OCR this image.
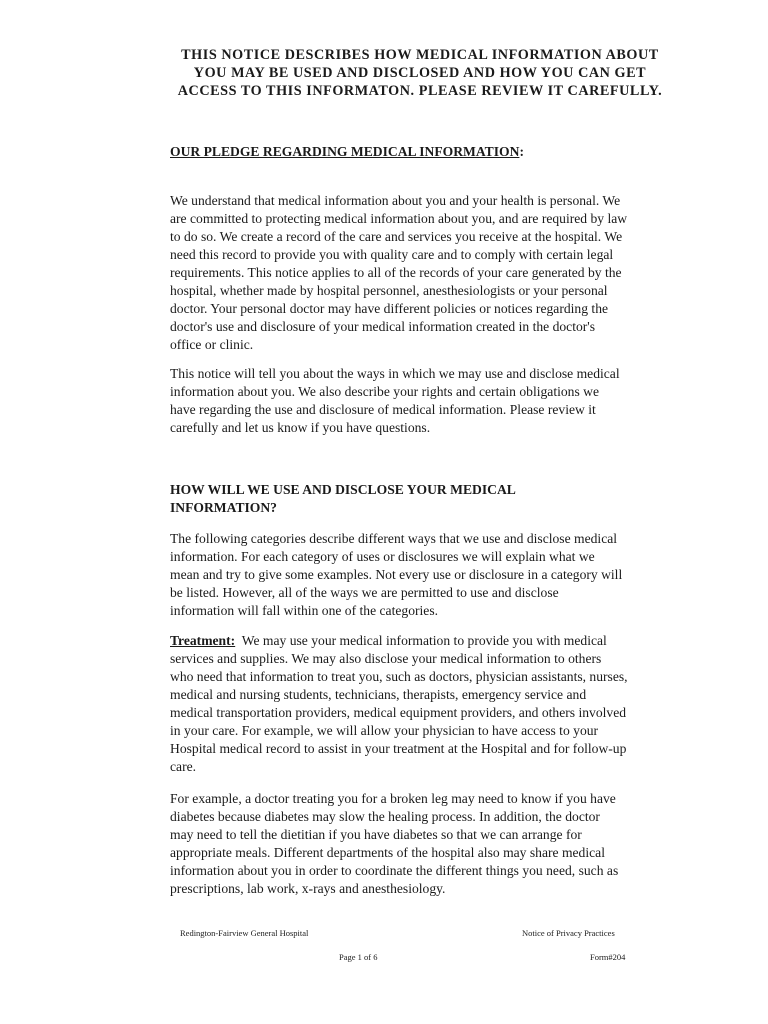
THIS NOTICE DESCRIBES HOW MEDICAL INFORMATION ABOUT
YOU MAY BE USED AND DISCLOSED AND HOW YOU CAN GET
ACCESS TO THIS INFORMATON. PLEASE REVIEW IT CAREFULLY.
OUR PLEDGE REGARDING MEDICAL INFORMATION:
We understand that medical information about you and your health is personal. We
are committed to protecting medical information about you, and are required by law
to do so. We create a record of the care and services you receive at the hospital. We
need this record to provide you with quality care and to comply with certain legal
requirements. This notice applies to all of the records of your care generated by the
hospital, whether made by hospital personnel, anesthesiologists or your personal
doctor. Your personal doctor may have different policies or notices regarding the
doctor's use and disclosure of your medical information created in the doctor's
office or clinic.
This notice will tell you about the ways in which we may use and disclose medical
information about you. We also describe your rights and certain obligations we
have regarding the use and disclosure of medical information. Please review it
carefully and let us know if you have questions.
HOW WILL WE USE AND DISCLOSE YOUR MEDICAL
INFORMATION?
The following categories describe different ways that we use and disclose medical
information. For each category of uses or disclosures we will explain what we
mean and try to give some examples. Not every use or disclosure in a category will
be listed. However, all of the ways we are permitted to use and disclose
information will fall within one of the categories.
Treatment:  We may use your medical information to provide you with medical
services and supplies. We may also disclose your medical information to others
who need that information to treat you, such as doctors, physician assistants, nurses,
medical and nursing students, technicians, therapists, emergency service and
medical transportation providers, medical equipment providers, and others involved
in your care. For example, we will allow your physician to have access to your
Hospital medical record to assist in your treatment at the Hospital and for follow-up
care.
For example, a doctor treating you for a broken leg may need to know if you have
diabetes because diabetes may slow the healing process. In addition, the doctor
may need to tell the dietitian if you have diabetes so that we can arrange for
appropriate meals. Different departments of the hospital also may share medical
information about you in order to coordinate the different things you need, such as
prescriptions, lab work, x-rays and anesthesiology.
Redington-Fairview General Hospital	Notice of Privacy Practices
Page 1 of 6	Form#204
